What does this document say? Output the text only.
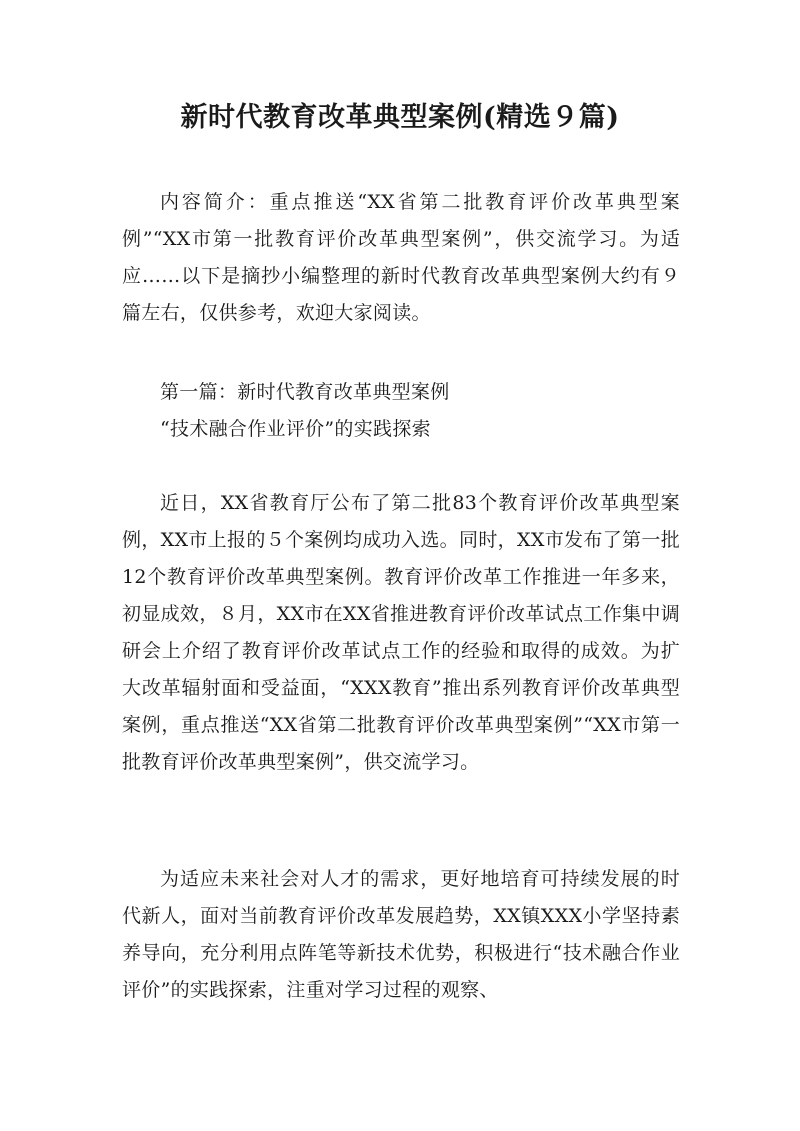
新时代教育改革典型案例(精选９篇)

内容简介：重点推送“XX省第二批教育评价改革典型案例”“XX市第一批教育评价改革典型案例”，供交流学习。为适应……以下是摘抄小编整理的新时代教育改革典型案例大约有９篇左右，仅供参考，欢迎大家阅读。

第一篇：新时代教育改革典型案例

“技术融合作业评价”的实践探索

近日，XX省教育厅公布了第二批83个教育评价改革典型案例，XX市上报的５个案例均成功入选。同时，XX市发布了第一批12个教育评价改革典型案例。教育评价改革工作推进一年多来，初显成效，８月，XX市在XX省推进教育评价改革试点工作集中调研会上介绍了教育评价改革试点工作的经验和取得的成效。为扩大改革辐射面和受益面，“XXX教育”推出系列教育评价改革典型案例，重点推送“XX省第二批教育评价改革典型案例”“XX市第一批教育评价改革典型案例”，供交流学习。

为适应未来社会对人才的需求，更好地培育可持续发展的时代新人，面对当前教育评价改革发展趋势，XX镇XXX小学坚持素养导向，充分利用点阵笔等新技术优势，积极进行“技术融合作业评价”的实践探索，注重对学习过程的观察、
